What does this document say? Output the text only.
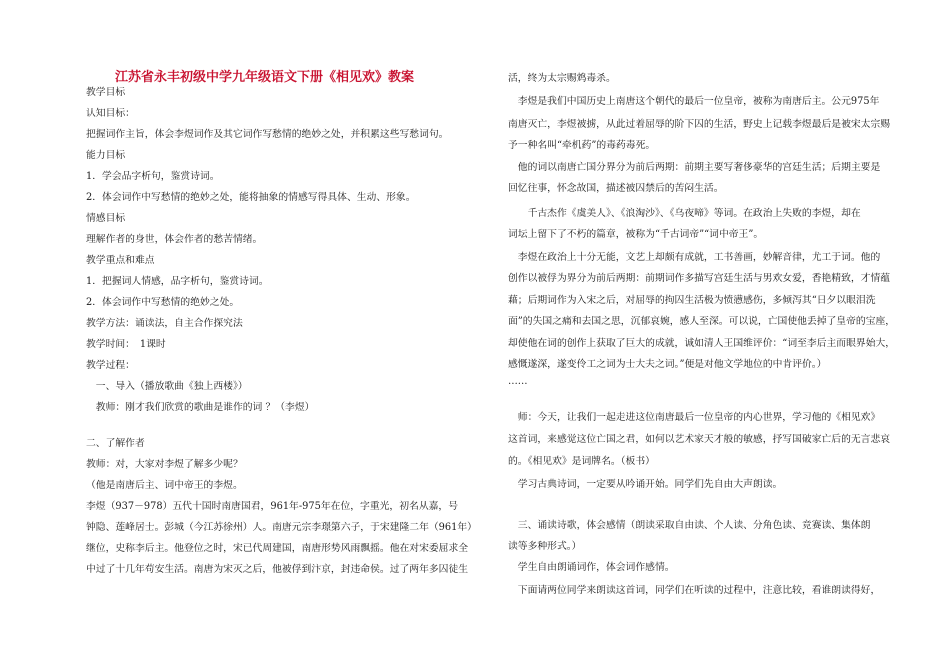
江苏省永丰初级中学九年级语文下册《相见欢》教案
教学目标
认知目标：
把握词作主旨，体会李煜词作及其它词作写愁情的绝妙之处，并积累这些写愁词句。
能力目标
1．学会品字析句，鉴赏诗词。
2．体会词作中写愁情的绝妙之处，能将抽象的情感写得具体、生动、形象。
情感目标
理解作者的身世，体会作者的愁苦情绪。
教学重点和难点
1．把握词人情感，品字析句，鉴赏诗词。
2．体会词作中写愁情的绝妙之处。
教学方法：诵读法，自主合作探究法
教学时间：　1课时
教学过程：
　一、导入（播放歌曲《独上西楼》）
　教师：刚才我们欣赏的歌曲是谁作的词 ？（李煜）
二、了解作者
教师：对，大家对李煜了解多少呢？
（他是南唐后主、词中帝王的李煜。
李煜（937－978）五代十国时南唐国君，961年-975年在位，字重光，初名从嘉，号
钟隐、莲峰居士。彭城（今江苏徐州）人。南唐元宗李璟第六子，于宋建隆二年（961年）
继位，史称李后主。他登位之时，宋已代周建国，南唐形势风雨飘摇。他在对宋委屈求全
中过了十几年苟安生活。南唐为宋灭之后，他被俘到汴京，封违命侯。过了两年多囚徒生
活，终为太宗赐鸩毒杀。
　李煜是我们中国历史上南唐这个朝代的最后一位皇帝，被称为南唐后主。公元975年
南唐灭亡，李煜被掳，从此过着屈辱的阶下囚的生活，野史上记载李煜最后是被宋太宗赐
予一种名叫“牵机药”的毒药毒死。
　他的词以南唐亡国分界分为前后两期：前期主要写奢侈豪华的宫廷生活；后期主要是
回忆往事，怀念故国，描述被囚禁后的苦闷生活。
　　千古杰作《虞美人》、《浪淘沙》、《乌夜啼》等词。在政治上失败的李煜，却在
词坛上留下了不朽的篇章，被称为“千古词帝”“词中帝王”。
　李煜在政治上十分无能，文艺上却颇有成就，工书善画，妙解音律，尤工于词。他的
创作以被俘为界分为前后两期：前期词作多描写宫廷生活与男欢女爱，香艳精致，才情蕴
藉；后期词作为入宋之后，对屈辱的拘囚生活极为愤懑感伤，多倾泻其“日夕以眼泪洗
面”的失国之痛和去国之思，沉郁哀婉，感人至深。可以说，亡国使他丢掉了皇帝的宝座，
却使他在词的创作上获取了巨大的成就，诚如清人王国维评价：“词至李后主而眼界始大，
感慨遂深，遂变伶工之词为士大夫之词。”便是对他文学地位的中肯评价。）
……
　师：今天，让我们一起走进这位南唐最后一位皇帝的内心世界，学习他的《相见欢》
这首词，来感觉这位亡国之君，如何以艺术家天才般的敏感，抒写国破家亡后的无言悲哀
的。《相见欢》是词牌名。（板书）
　学习古典诗词，一定要从吟诵开始。同学们先自由大声朗读。
　三、诵读诗歌，体会感情（朗读采取自由读、个人读、分角色读、竞赛读、集体朗
读等多种形式。）
　学生自由朗诵词作，体会词作感情。
　下面请两位同学来朗读这首词，同学们在听读的过程中，注意比较，看谁朗读得好，
